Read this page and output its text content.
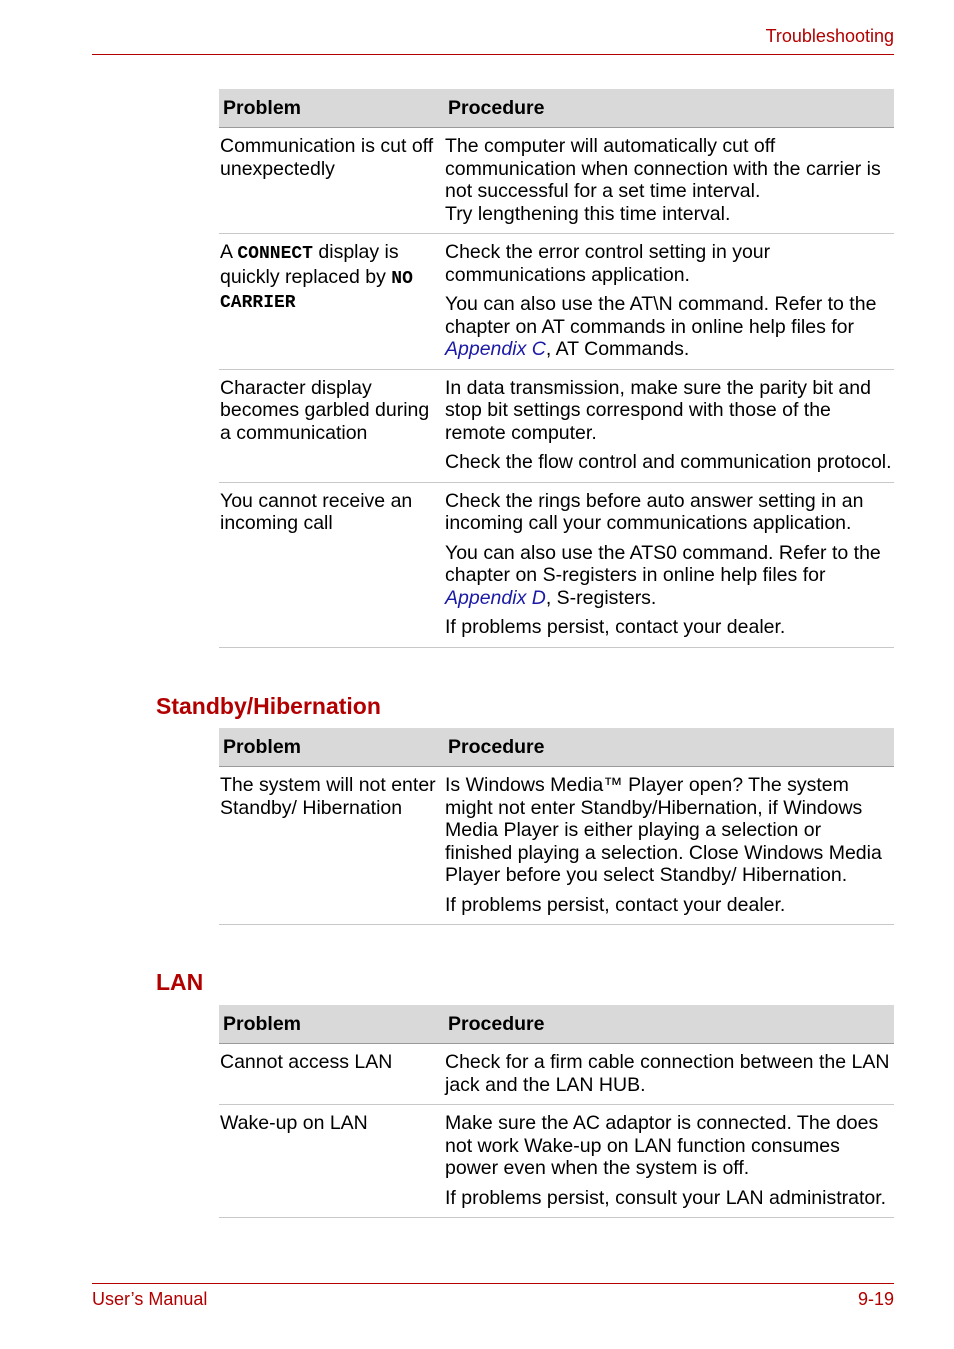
Troubleshooting
Problem	Procedure
Communication is cut off unexpectedly	The computer will automatically cut off communication when connection with the carrier is not successful for a set time interval.
Try lengthening this time interval.

A CONNECT display is quickly replaced by NO CARRIER	Check the error control setting in your communications application.

You can also use the AT\N command. Refer to the chapter on AT commands in online help files for Appendix C, AT Commands.

Character display becomes garbled during a communication	In data transmission, make sure the parity bit and stop bit settings correspond with those of the remote computer.

Check the flow control and communication protocol.

You cannot receive an incoming call	Check the rings before auto answer setting in an incoming call your communications application.

You can also use the ATS0 command. Refer to the chapter on S-registers in online help files for Appendix D, S-registers.

If problems persist, contact your dealer.

Standby/Hibernation
Problem	Procedure
The system will not enter Standby/ Hibernation	Is Windows Media™ Player open? The system might not enter Standby/Hibernation, if Windows Media Player is either playing a selection or finished playing a selection. Close Windows Media Player before you select Standby/ Hibernation.

If problems persist, contact your dealer.

LAN
Problem	Procedure
Cannot access LAN	Check for a firm cable connection between the LAN jack and the LAN HUB.

Wake-up on LAN	Make sure the AC adaptor is connected. The does not work Wake-up on LAN function consumes power even when the system is off.

If problems persist, consult your LAN administrator.

User’s Manual	9-19
